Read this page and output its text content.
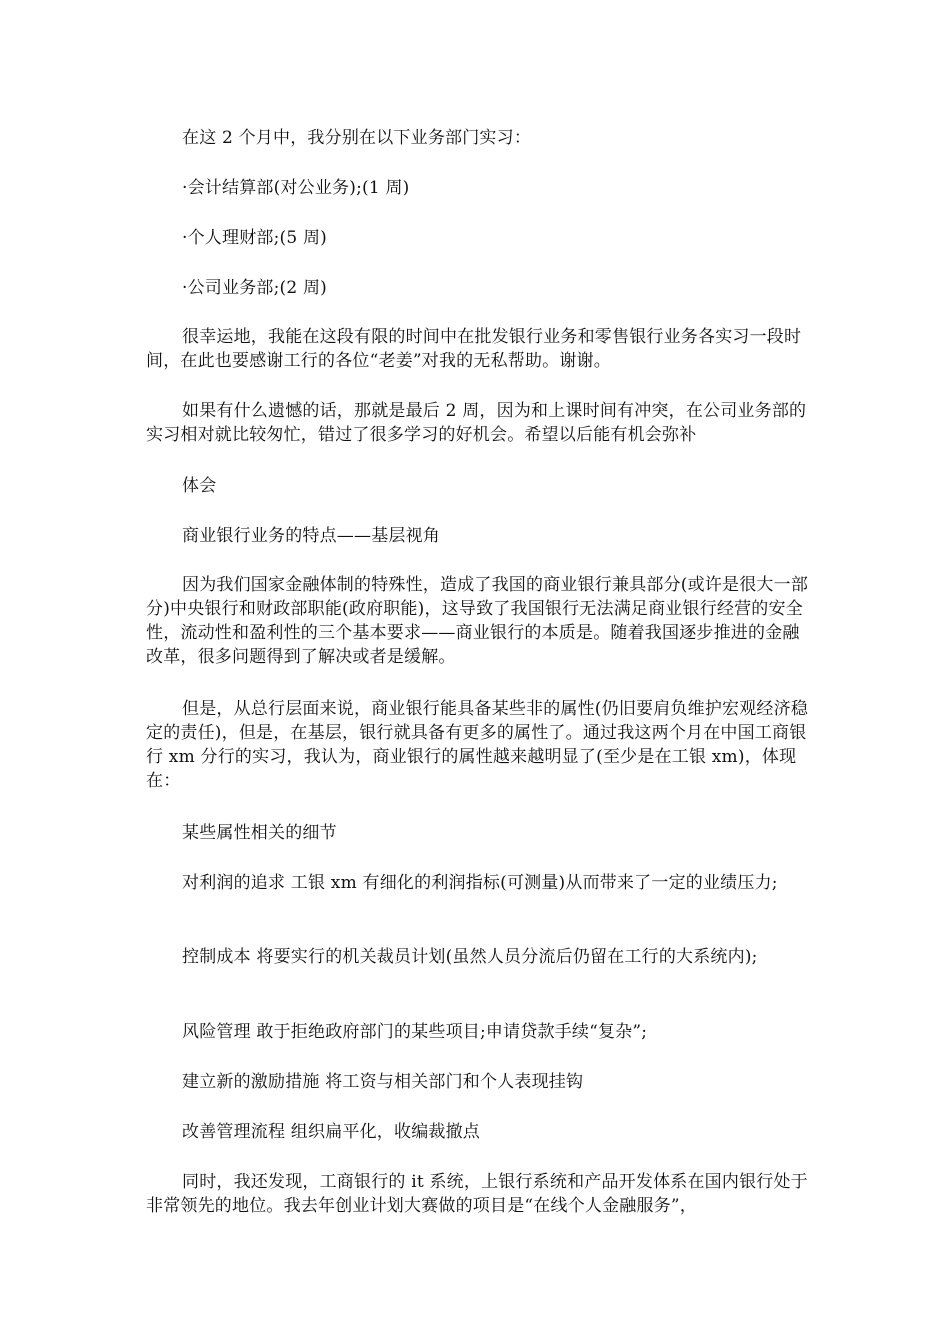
在这 2 个月中，我分别在以下业务部门实习：
·会计结算部(对公业务);(1 周)
·个人理财部;(5 周)
·公司业务部;(2 周)
很幸运地，我能在这段有限的时间中在批发银行业务和零售银行业务各实习一段时间，在此也要感谢工行的各位“老姜”对我的无私帮助。谢谢。
如果有什么遗憾的话，那就是最后 2 周，因为和上课时间有冲突，在公司业务部的实习相对就比较匆忙，错过了很多学习的好机会。希望以后能有机会弥补
体会
商业银行业务的特点——基层视角
因为我们国家金融体制的特殊性，造成了我国的商业银行兼具部分(或许是很大一部分)中央银行和财政部职能(政府职能)，这导致了我国银行无法满足商业银行经营的安全性，流动性和盈利性的三个基本要求——商业银行的本质是。随着我国逐步推进的金融改革，很多问题得到了解决或者是缓解。
但是，从总行层面来说，商业银行能具备某些非的属性(仍旧要肩负维护宏观经济稳定的责任)，但是，在基层，银行就具备有更多的属性了。通过我这两个月在中国工商银行 xm 分行的实习，我认为，商业银行的属性越来越明显了(至少是在工银 xm)，体现在：
某些属性相关的细节
对利润的追求 工银 xm 有细化的利润指标(可测量)从而带来了一定的业绩压力;
控制成本 将要实行的机关裁员计划(虽然人员分流后仍留在工行的大系统内);
风险管理 敢于拒绝政府部门的某些项目;申请贷款手续“复杂”;
建立新的激励措施 将工资与相关部门和个人表现挂钩
改善管理流程 组织扁平化，收编裁撤点
同时，我还发现，工商银行的 it 系统，上银行系统和产品开发体系在国内银行处于非常领先的地位。我去年创业计划大赛做的项目是“在线个人金融服务”，
